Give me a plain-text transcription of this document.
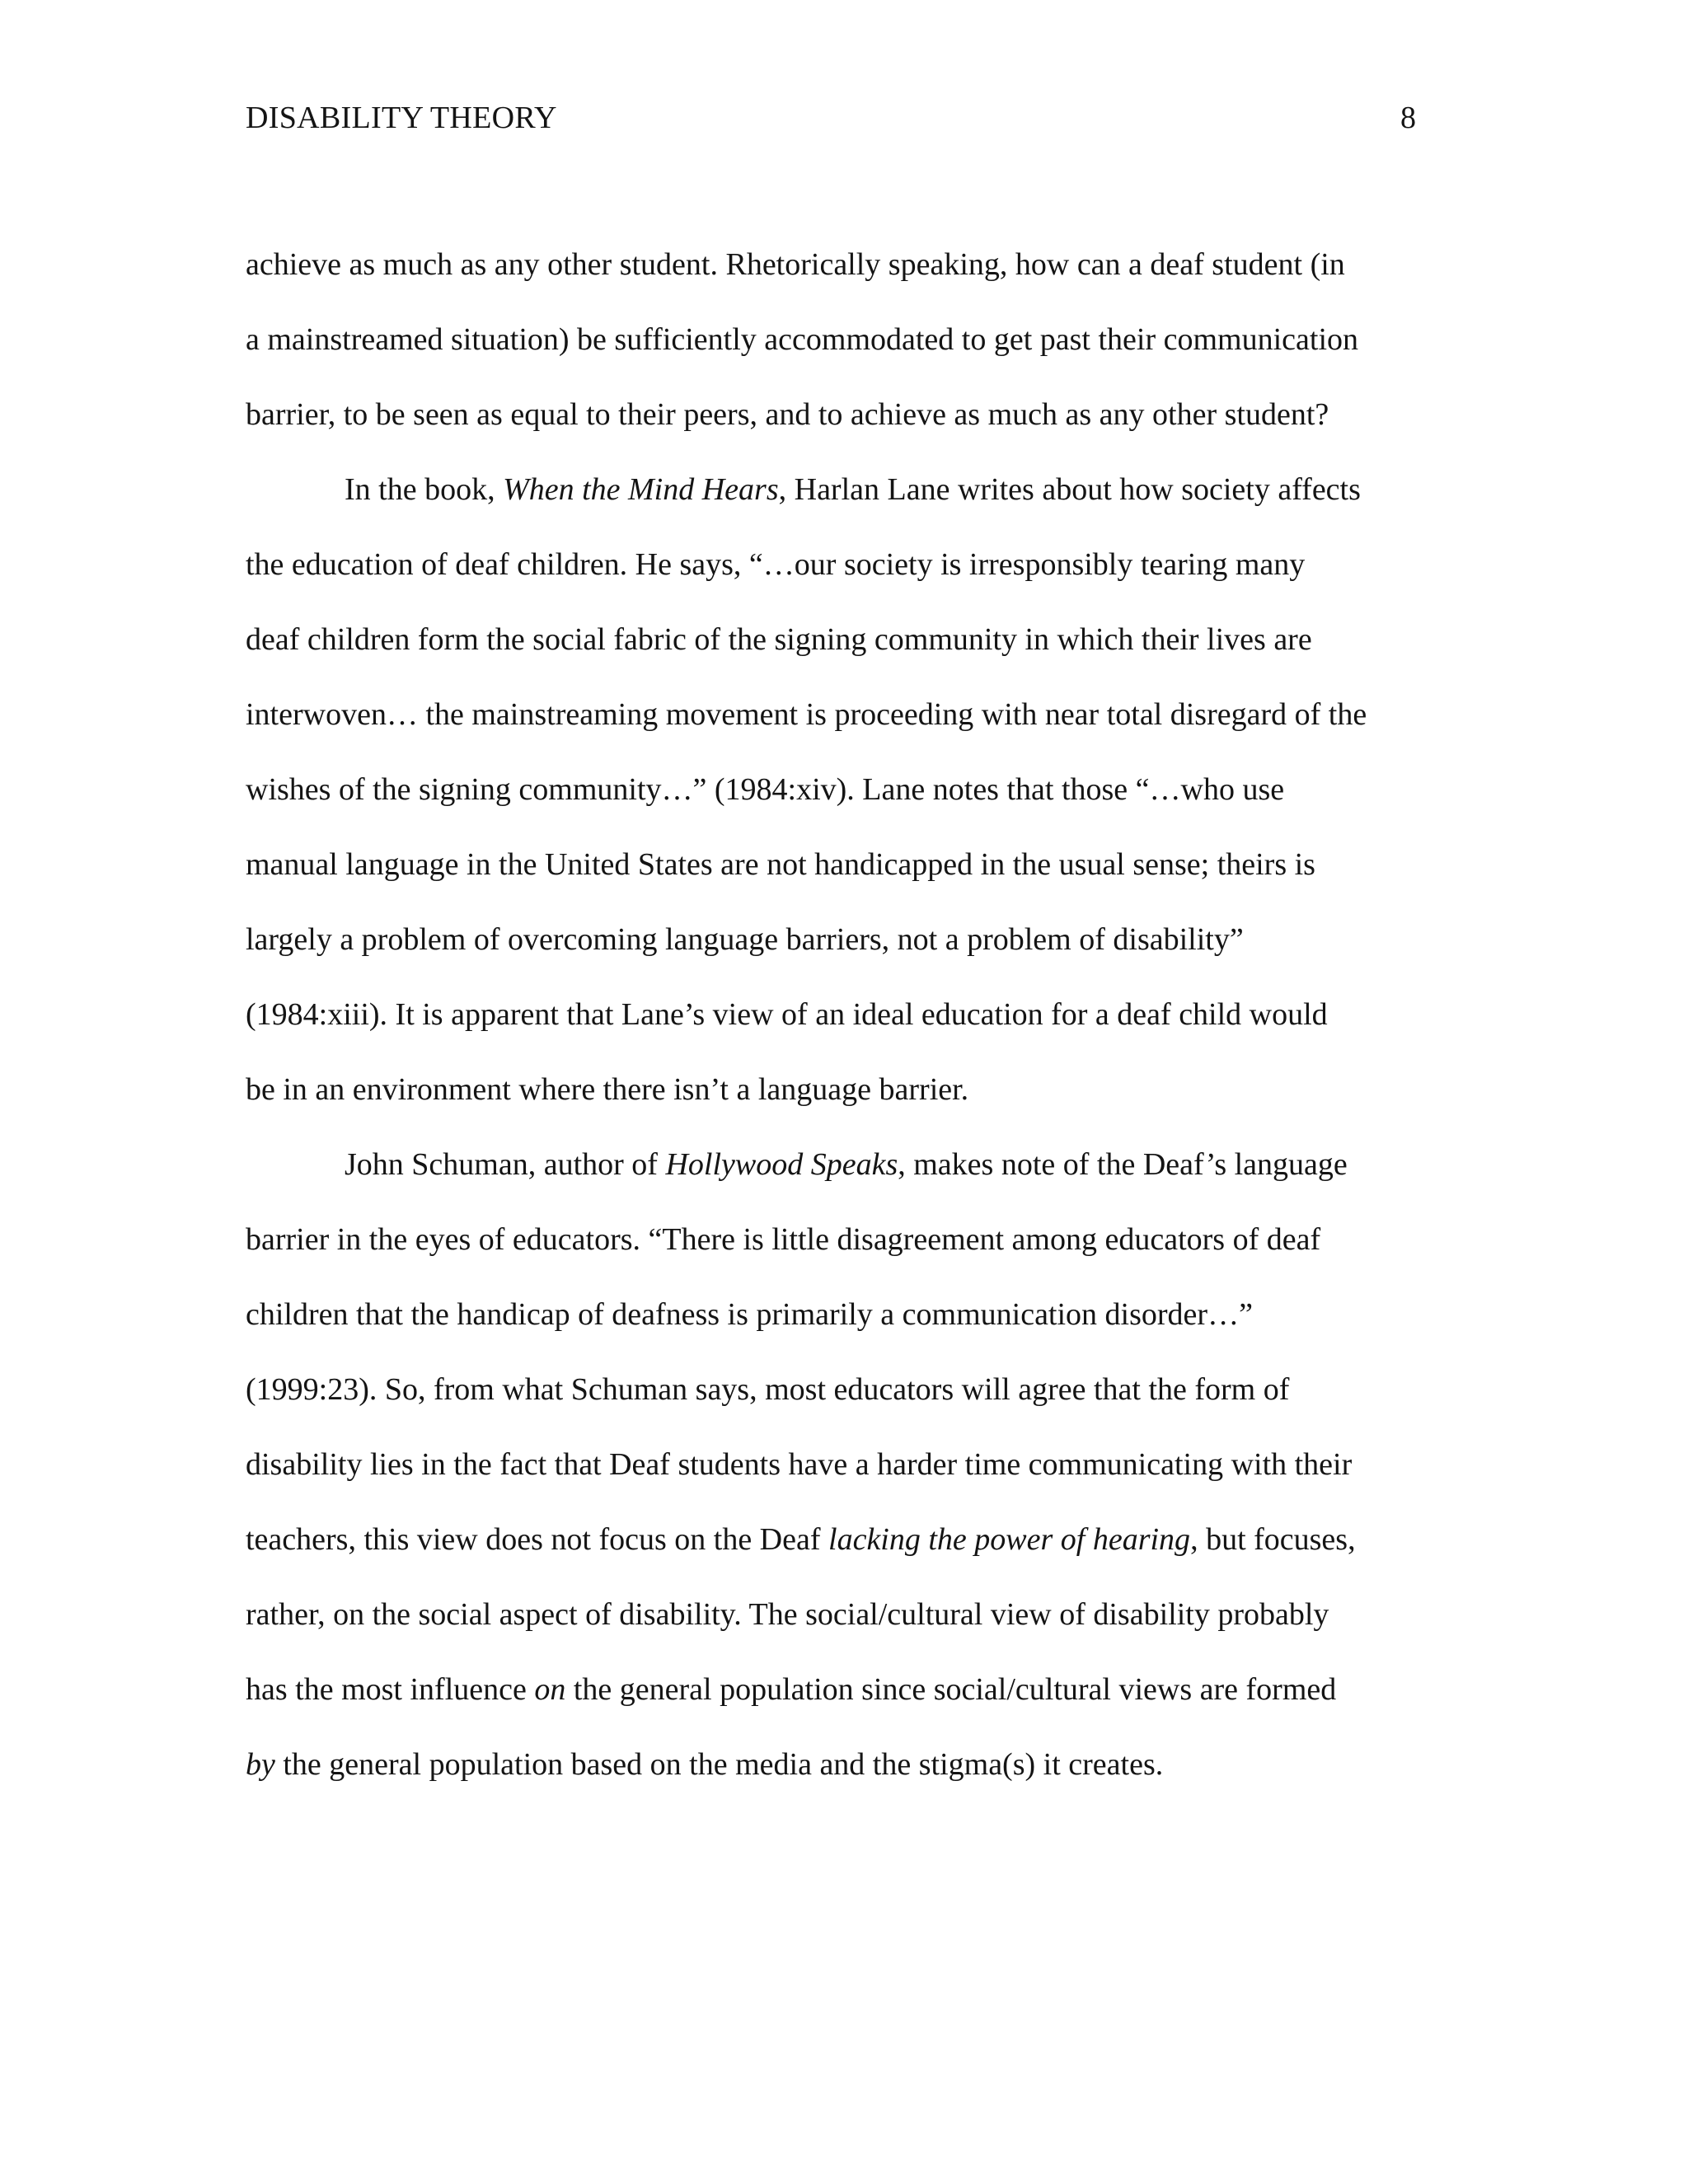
DISABILITY THEORY	8
achieve as much as any other student. Rhetorically speaking, how can a deaf student (in
a mainstreamed situation) be sufficiently accommodated to get past their communication
barrier, to be seen as equal to their peers, and to achieve as much as any other student?
In the book, When the Mind Hears, Harlan Lane writes about how society affects
the education of deaf children. He says, “…our society is irresponsibly tearing many
deaf children form the social fabric of the signing community in which their lives are
interwoven… the mainstreaming movement is proceeding with near total disregard of the
wishes of the signing community…” (1984:xiv). Lane notes that those “…who use
manual language in the United States are not handicapped in the usual sense; theirs is
largely a problem of overcoming language barriers, not a problem of disability”
(1984:xiii). It is apparent that Lane’s view of an ideal education for a deaf child would
be in an environment where there isn’t a language barrier.
John Schuman, author of Hollywood Speaks, makes note of the Deaf’s language
barrier in the eyes of educators. “There is little disagreement among educators of deaf
children that the handicap of deafness is primarily a communication disorder…”
(1999:23). So, from what Schuman says, most educators will agree that the form of
disability lies in the fact that Deaf students have a harder time communicating with their
teachers, this view does not focus on the Deaf lacking the power of hearing, but focuses,
rather, on the social aspect of disability. The social/cultural view of disability probably
has the most influence on the general population since social/cultural views are formed
by the general population based on the media and the stigma(s) it creates.
